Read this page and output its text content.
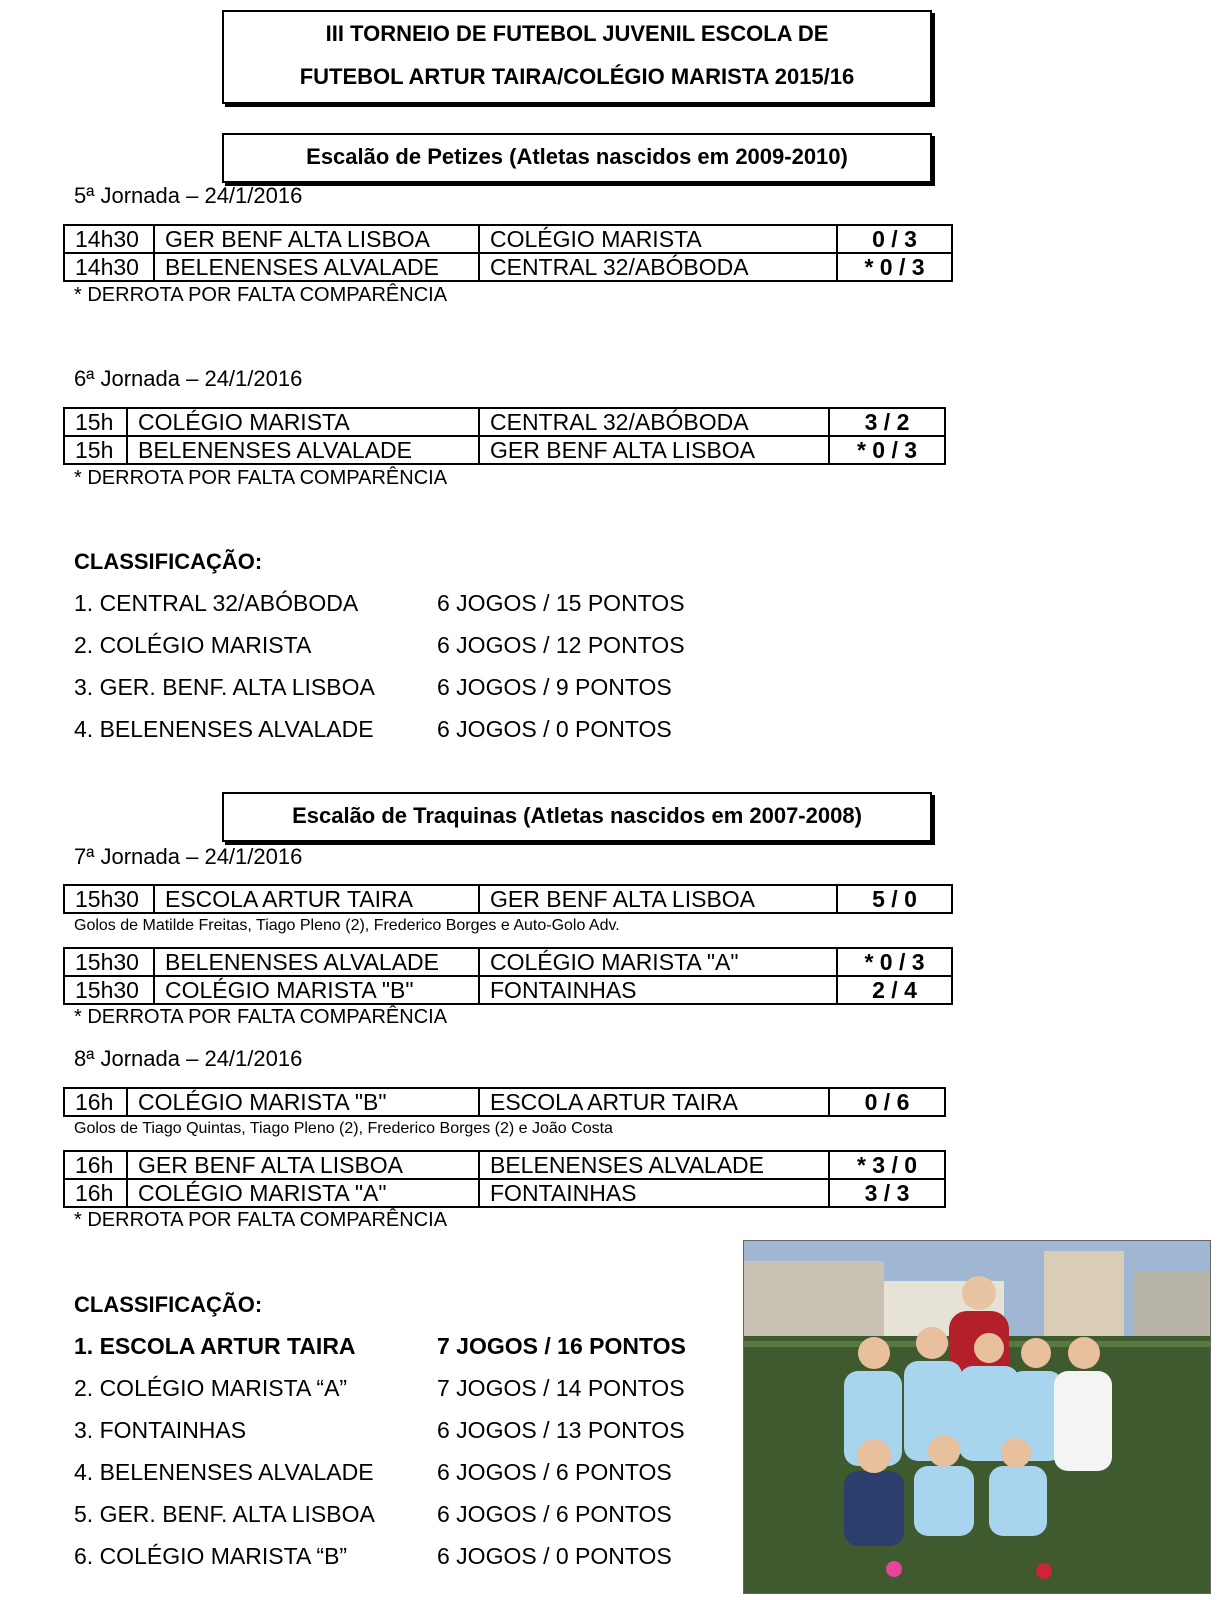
III TORNEIO DE FUTEBOL JUVENIL ESCOLA DE
FUTEBOL ARTUR TAIRA/COLÉGIO MARISTA 2015/16
Escalão de Petizes (Atletas nascidos em 2009-2010)
5ª Jornada – 24/1/2016
14h30	GER BENF ALTA LISBOA	COLÉGIO MARISTA	0 / 3
14h30	BELENENSES ALVALADE	CENTRAL 32/ABÓBODA	* 0 / 3
* DERROTA POR FALTA COMPARÊNCIA
6ª Jornada – 24/1/2016
15h	COLÉGIO MARISTA	CENTRAL 32/ABÓBODA	3 / 2
15h	BELENENSES ALVALADE	GER BENF ALTA LISBOA	* 0 / 3
* DERROTA POR FALTA COMPARÊNCIA
CLASSIFICAÇÃO:
1. CENTRAL 32/ABÓBODA	6 JOGOS / 15 PONTOS
2. COLÉGIO MARISTA	6 JOGOS / 12 PONTOS
3. GER. BENF. ALTA LISBOA	6 JOGOS / 9 PONTOS
4. BELENENSES ALVALADE	6 JOGOS / 0 PONTOS
Escalão de Traquinas (Atletas nascidos em 2007-2008)
7ª Jornada – 24/1/2016
15h30	ESCOLA ARTUR TAIRA	GER BENF ALTA LISBOA	5 / 0
Golos de Matilde Freitas, Tiago Pleno (2), Frederico Borges e Auto-Golo Adv.
15h30	BELENENSES ALVALADE	COLÉGIO MARISTA "A"	* 0 / 3
15h30	COLÉGIO MARISTA "B"	FONTAINHAS	2 / 4
* DERROTA POR FALTA COMPARÊNCIA
8ª Jornada – 24/1/2016
16h	COLÉGIO MARISTA "B"	ESCOLA ARTUR TAIRA	0 / 6
Golos de Tiago Quintas, Tiago Pleno (2), Frederico Borges (2) e João Costa
16h	GER BENF ALTA LISBOA	BELENENSES ALVALADE	* 3 / 0
16h	COLÉGIO MARISTA "A"	FONTAINHAS	3 / 3
* DERROTA POR FALTA COMPARÊNCIA
CLASSIFICAÇÃO:
1. ESCOLA ARTUR TAIRA	7 JOGOS / 16 PONTOS
2. COLÉGIO MARISTA “A”	7 JOGOS / 14 PONTOS
3. FONTAINHAS	6 JOGOS / 13 PONTOS
4. BELENENSES ALVALADE	6 JOGOS / 6 PONTOS
5. GER. BENF. ALTA LISBOA	6 JOGOS / 6 PONTOS
6. COLÉGIO MARISTA “B”	6 JOGOS / 0 PONTOS
